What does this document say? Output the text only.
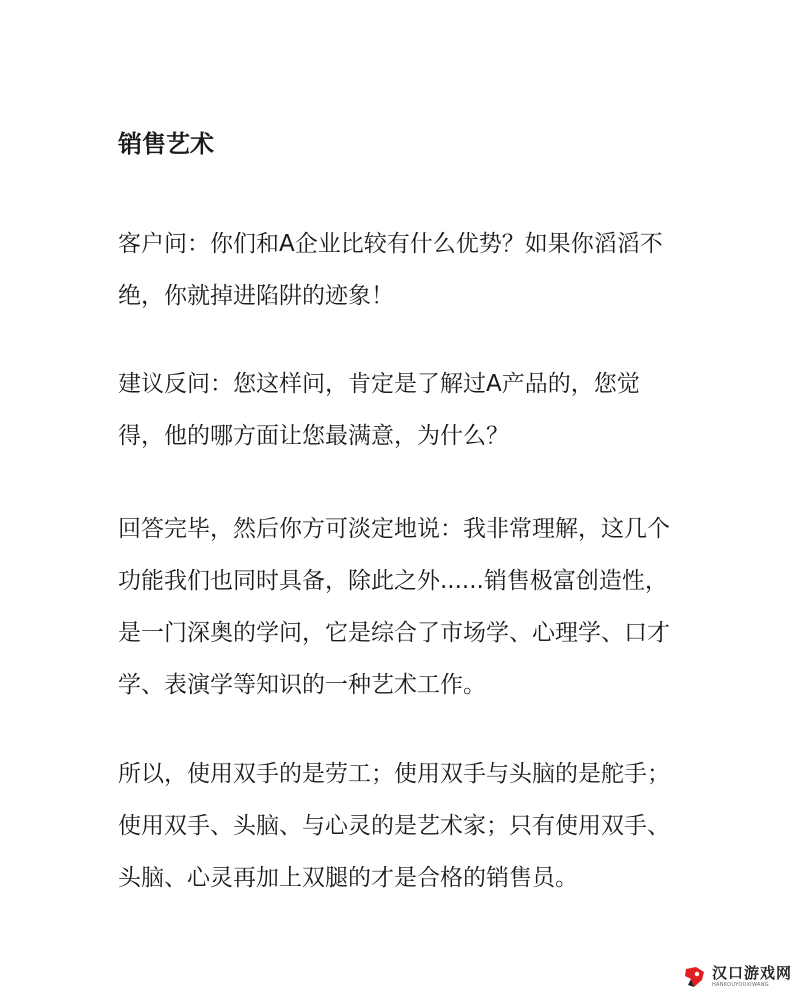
销售艺术

客户问：你们和A企业比较有什么优势？如果你滔滔不
绝，你就掉进陷阱的迹象！

建议反问：您这样问，肯定是了解过A产品的，您觉
得，他的哪方面让您最满意，为什么？

回答完毕，然后你方可淡定地说：我非常理解，这几个
功能我们也同时具备，除此之外......销售极富创造性，
是一门深奥的学问，它是综合了市场学、心理学、口才
学、表演学等知识的一种艺术工作。

所以，使用双手的是劳工；使用双手与头脑的是舵手；
使用双手、头脑、与心灵的是艺术家；只有使用双手、
头脑、心灵再加上双腿的才是合格的销售员。

汉口游戏网
HANKOUYOUXIWANG
